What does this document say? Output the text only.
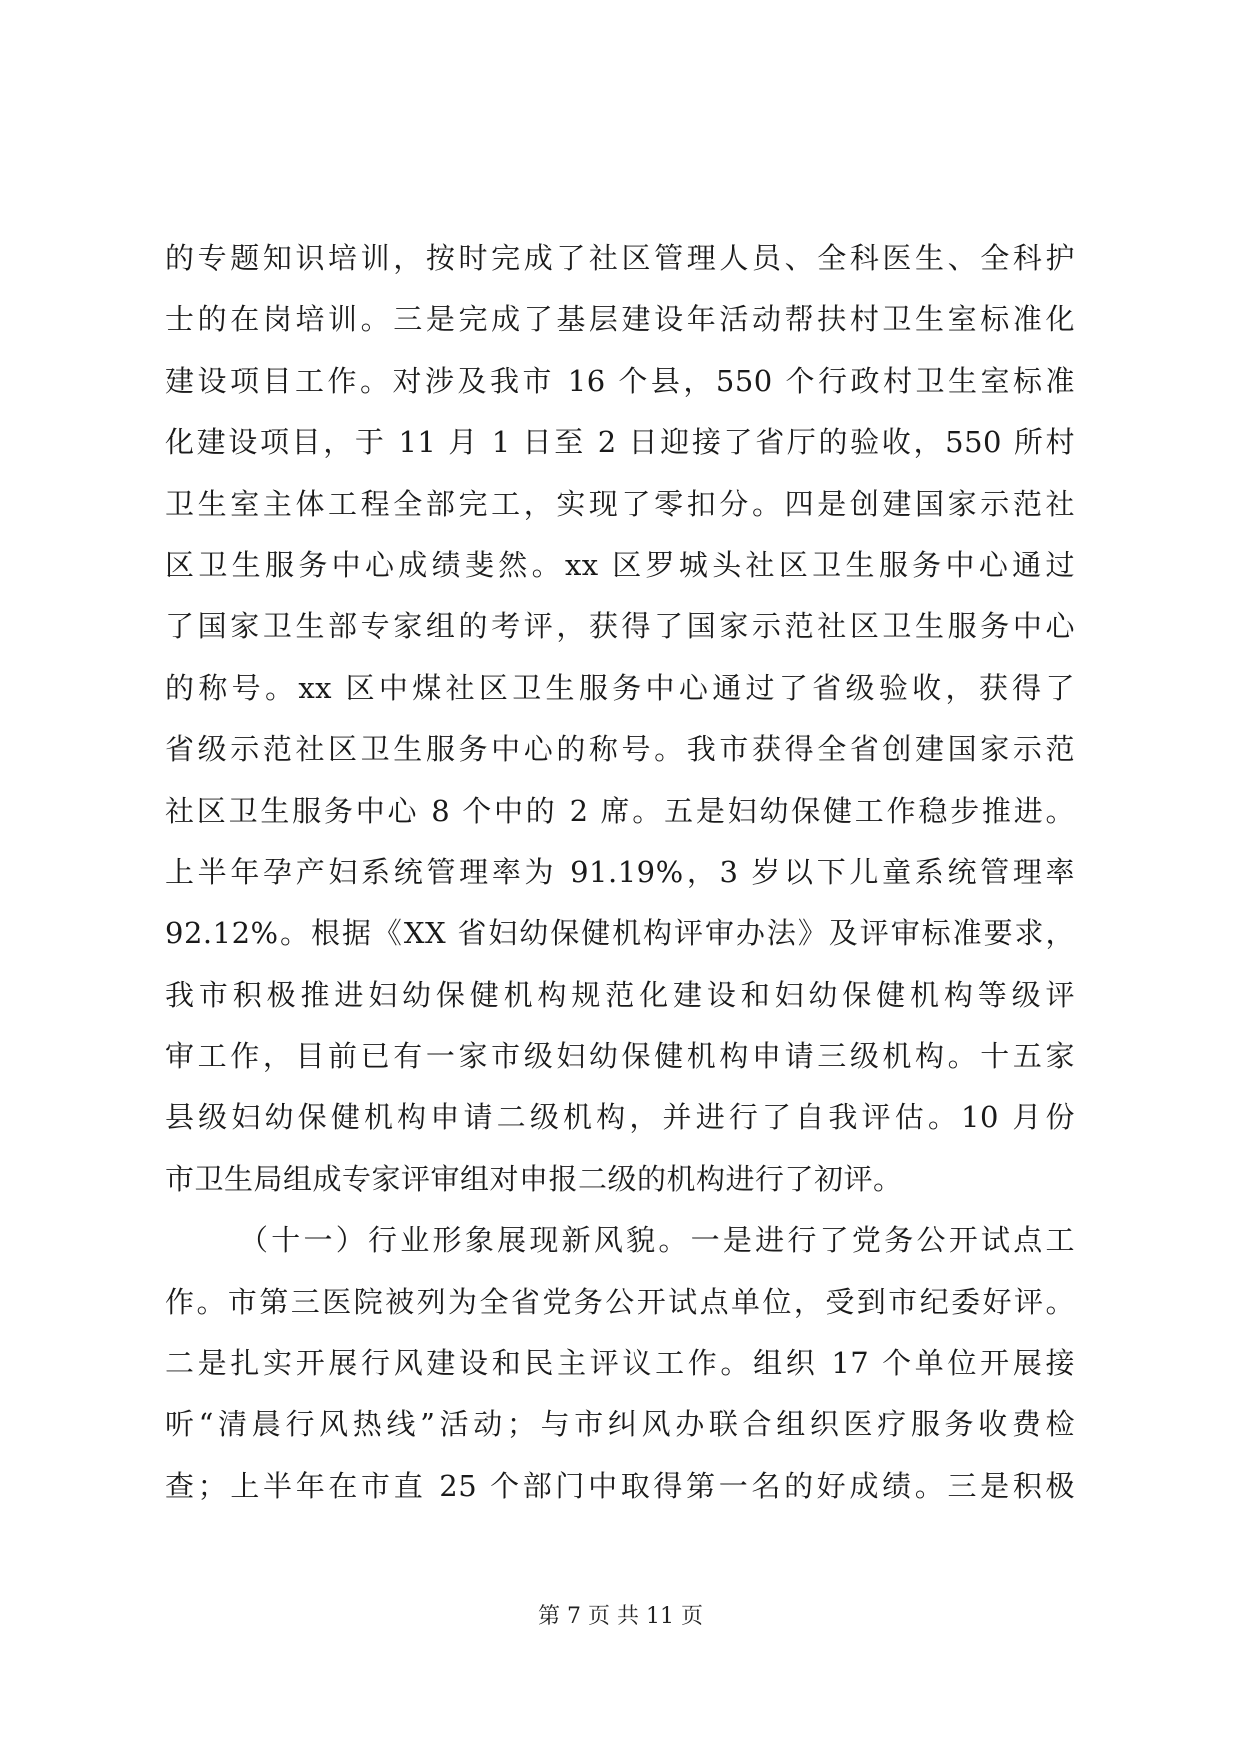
的专题知识培训，按时完成了社区管理人员、全科医生、全科护
士的在岗培训。三是完成了基层建设年活动帮扶村卫生室标准化
建设项目工作。对涉及我市 16 个县，550 个行政村卫生室标准
化建设项目，于 11 月 1 日至 2 日迎接了省厅的验收，550 所村
卫生室主体工程全部完工，实现了零扣分。四是创建国家示范社
区卫生服务中心成绩斐然。xx 区罗城头社区卫生服务中心通过
了国家卫生部专家组的考评，获得了国家示范社区卫生服务中心
的称号。xx 区中煤社区卫生服务中心通过了省级验收，获得了
省级示范社区卫生服务中心的称号。我市获得全省创建国家示范
社区卫生服务中心 8 个中的 2 席。五是妇幼保健工作稳步推进。
上半年孕产妇系统管理率为 91.19%，3 岁以下儿童系统管理率
92.12%。根据《XX 省妇幼保健机构评审办法》及评审标准要求，
我市积极推进妇幼保健机构规范化建设和妇幼保健机构等级评
审工作，目前已有一家市级妇幼保健机构申请三级机构。十五家
县级妇幼保健机构申请二级机构，并进行了自我评估。10 月份
市卫生局组成专家评审组对申报二级的机构进行了初评。
（十一）行业形象展现新风貌。一是进行了党务公开试点工
作。市第三医院被列为全省党务公开试点单位，受到市纪委好评。
二是扎实开展行风建设和民主评议工作。组织 17 个单位开展接
听“清晨行风热线”活动；与市纠风办联合组织医疗服务收费检
查；上半年在市直 25 个部门中取得第一名的好成绩。三是积极
第 7 页 共 11 页
